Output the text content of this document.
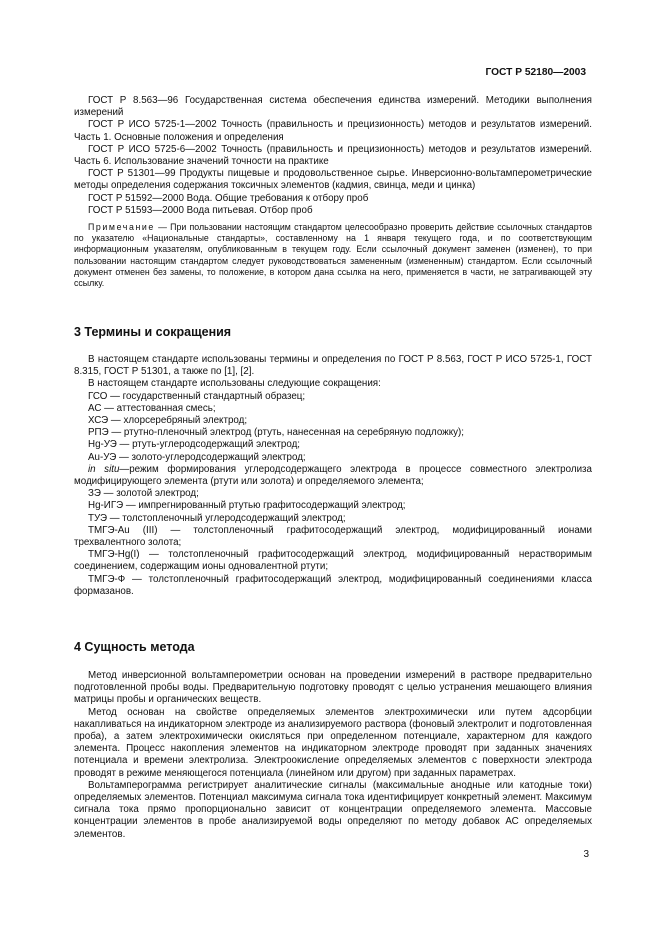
ГОСТ Р 52180—2003

ГОСТ Р 8.563—96 Государственная система обеспечения единства измерений. Методики выполнения измерений

ГОСТ Р ИСО 5725-1—2002 Точность (правильность и прецизионность) методов и результатов измерений. Часть 1. Основные положения и определения

ГОСТ Р ИСО 5725-6—2002 Точность (правильность и прецизионность) методов и результатов измерений. Часть 6. Использование значений точности на практике

ГОСТ Р 51301—99 Продукты пищевые и продовольственное сырье. Инверсионно-вольтамперометрические методы определения содержания токсичных элементов (кадмия, свинца, меди и цинка)

ГОСТ Р 51592—2000 Вода. Общие требования к отбору проб

ГОСТ Р 51593—2000 Вода питьевая. Отбор проб

Примечание — При пользовании настоящим стандартом целесообразно проверить действие ссылочных стандартов по указателю «Национальные стандарты», составленному на 1 января текущего года, и по соответствующим информационным указателям, опубликованным в текущем году. Если ссылочный документ заменен (изменен), то при пользовании настоящим стандартом следует руководствоваться замененным (измененным) стандартом. Если ссылочный документ отменен без замены, то положение, в котором дана ссылка на него, применяется в части, не затрагивающей эту ссылку.

3 Термины и сокращения

В настоящем стандарте использованы термины и определения по ГОСТ Р 8.563, ГОСТ Р ИСО 5725-1, ГОСТ 8.315, ГОСТ Р 51301, а также по [1], [2].

В настоящем стандарте использованы следующие сокращения:

ГСО — государственный стандартный образец;

АС — аттестованная смесь;

ХСЭ — хлорсеребряный электрод;

РПЭ — ртутно-пленочный электрод (ртуть, нанесенная на серебряную подложку);

Hg-УЭ — ртуть-углеродсодержащий электрод;

Au-УЭ — золото-углеродсодержащий электрод;

in situ—режим формирования углеродсодержащего электрода в процессе совместного электролиза модифицирующего элемента (ртути или золота) и определяемого элемента;

ЗЭ — золотой электрод;

Hg-ИГЭ — импрегнированный ртутью графитосодержащий электрод;

ТУЭ — толстопленочный углеродсодержащий электрод;

ТМГЭ-Au (III) — толстопленочный графитосодержащий электрод, модифицированный ионами трехвалентного золота;

ТМГЭ-Hg(I) — толстопленочный графитосодержащий электрод, модифицированный нерастворимым соединением, содержащим ионы одновалентной ртути;

ТМГЭ-Ф — толстопленочный графитосодержащий электрод, модифицированный соединениями класса формазанов.

4 Сущность метода

Метод инверсионной вольтамперометрии основан на проведении измерений в растворе предварительно подготовленной пробы воды. Предварительную подготовку проводят с целью устранения мешающего влияния матрицы пробы и органических веществ.

Метод основан на свойстве определяемых элементов электрохимически или путем адсорбции накапливаться на индикаторном электроде из анализируемого раствора (фоновый электролит и подготовленная проба), а затем электрохимически окисляться при определенном потенциале, характерном для каждого элемента. Процесс накопления элементов на индикаторном электроде проводят при заданных значениях потенциала и времени электролиза. Электроокисление определяемых элементов с поверхности электрода проводят в режиме меняющегося потенциала (линейном или другом) при заданных параметрах.

Вольтамперограмма регистрирует аналитические сигналы (максимальные анодные или катодные токи) определяемых элементов. Потенциал максимума сигнала тока идентифицирует конкретный элемент. Максимум сигнала тока прямо пропорционально зависит от концентрации определяемого элемента. Массовые концентрации элементов в пробе анализируемой воды определяют по методу добавок АС определяемых элементов.

3
